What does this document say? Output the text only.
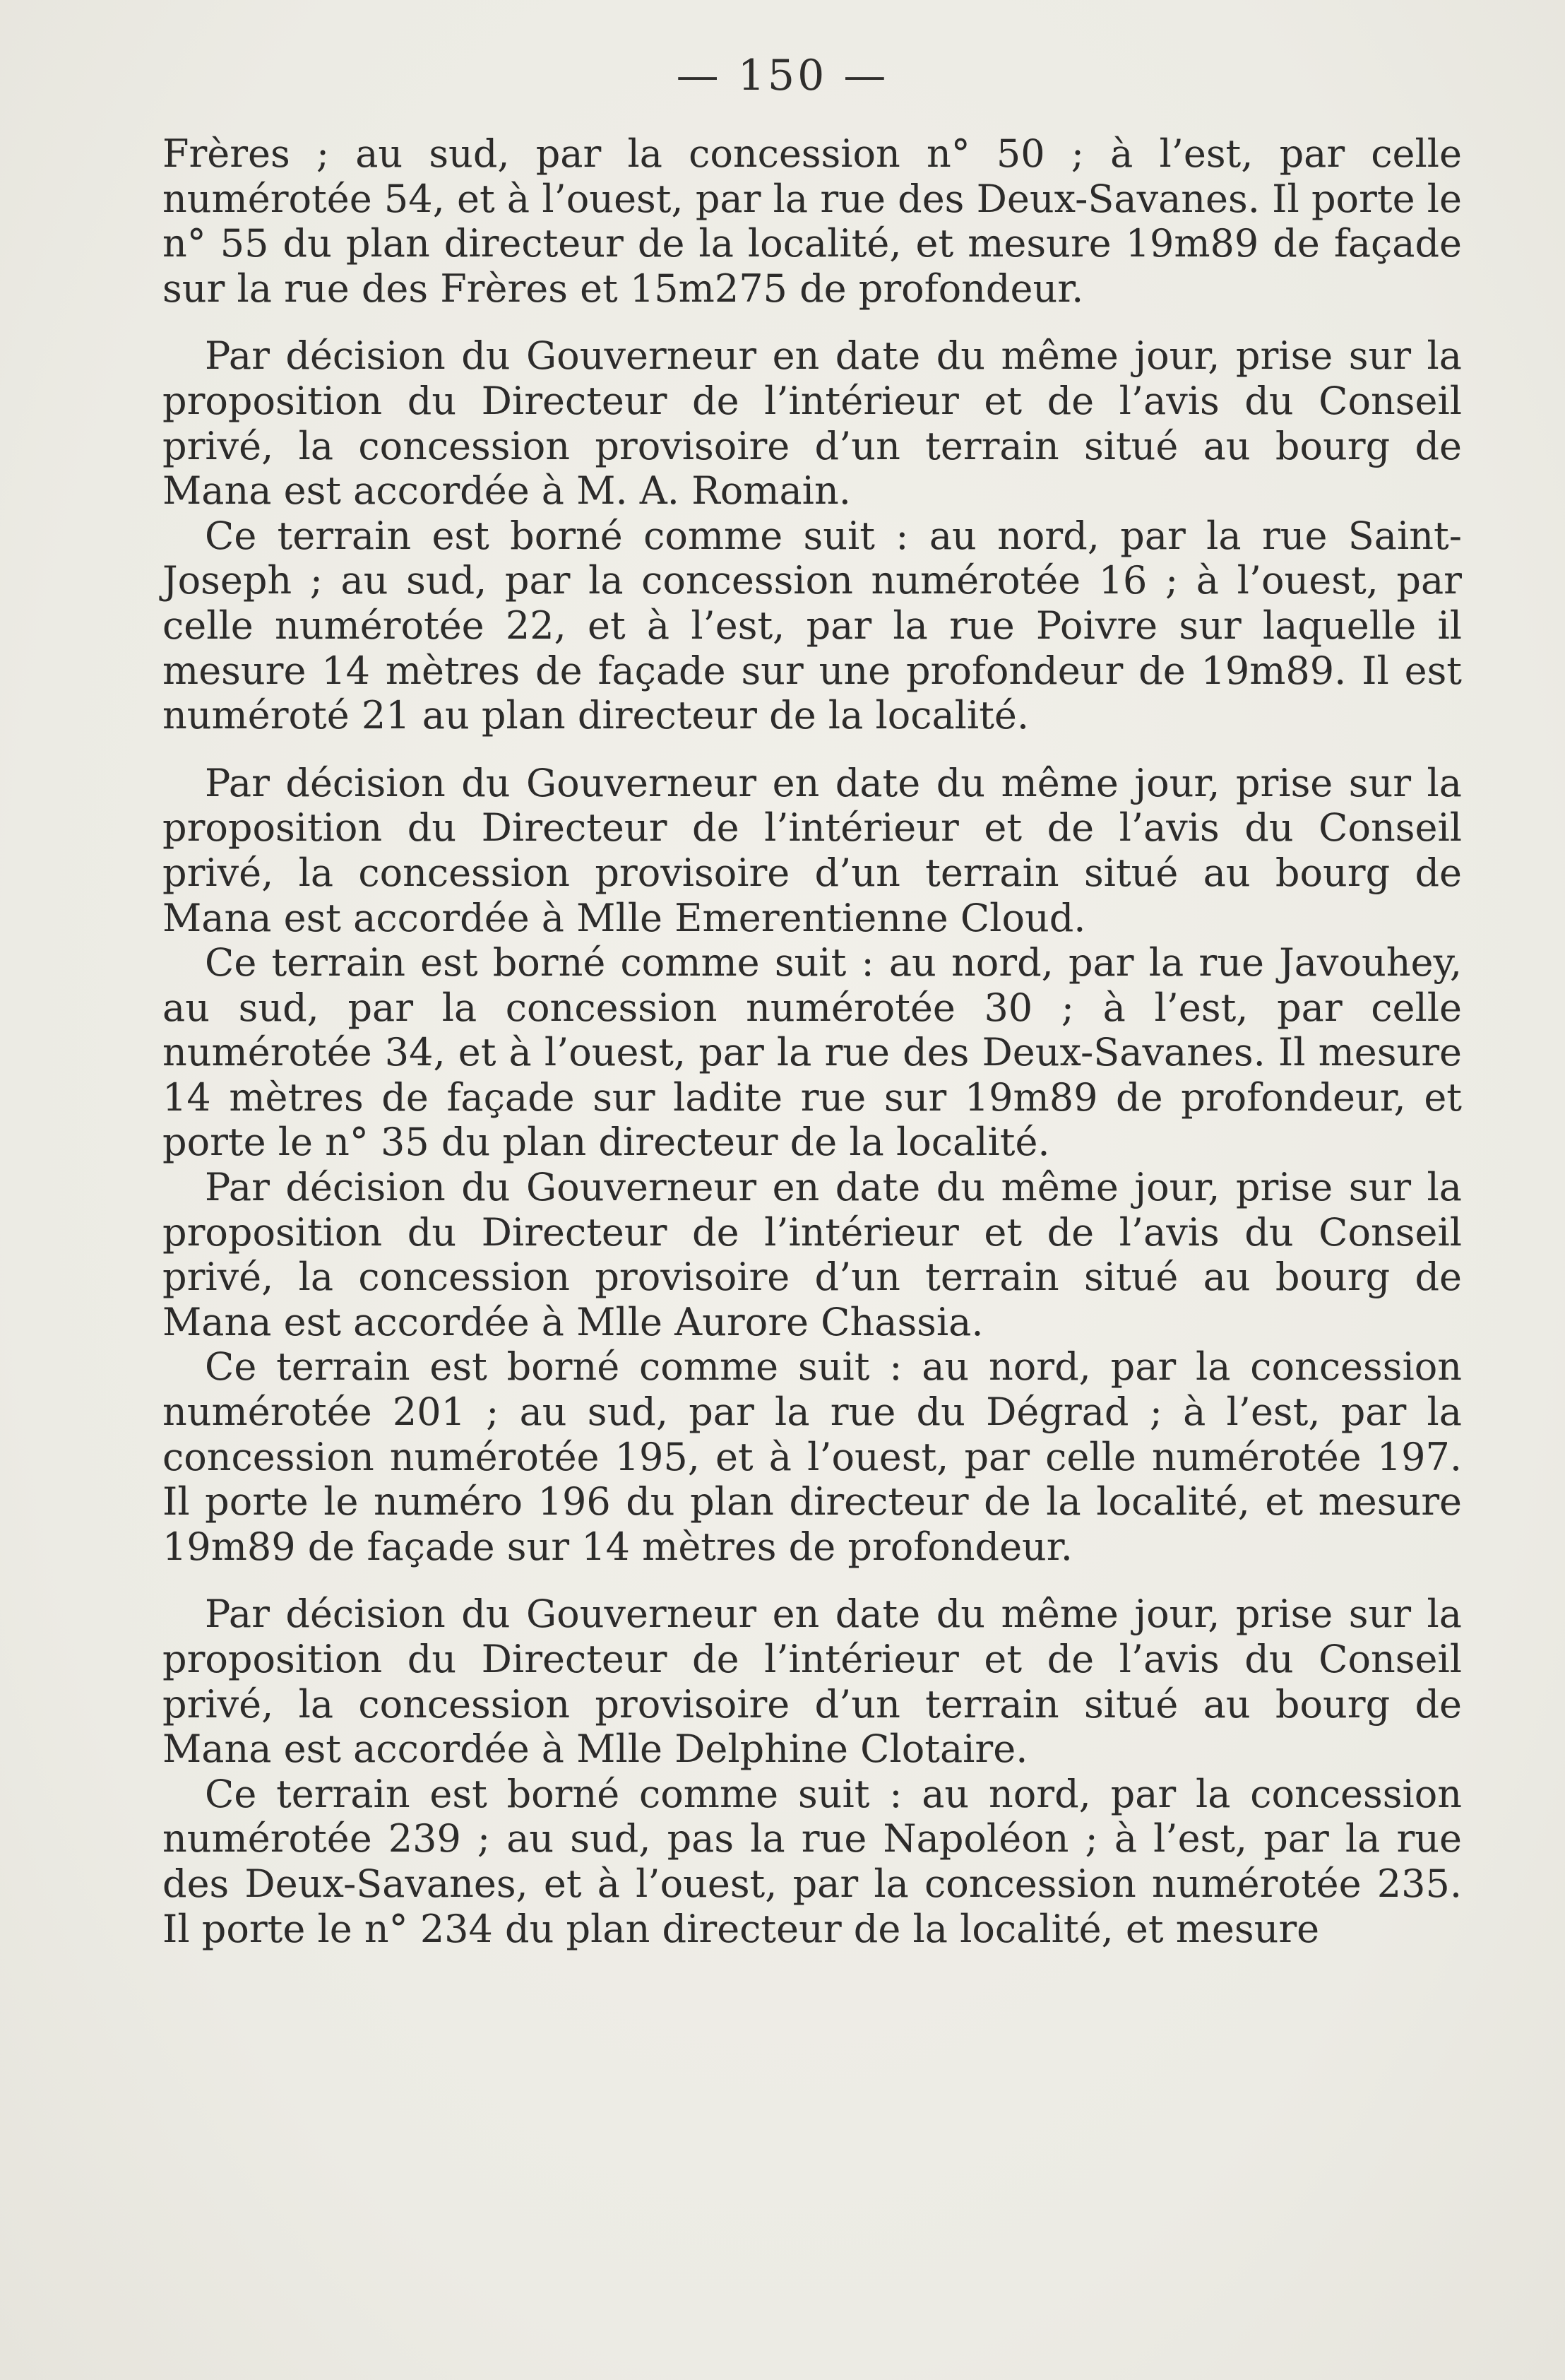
— 150 —

Frères ; au sud, par la concession n° 50 ; à l’est, par celle numérotée 54, et à l’ouest, par la rue des Deux-Savanes. Il porte le n° 55 du plan directeur de la localité, et mesure 19m89 de façade sur la rue des Frères et 15m275 de profondeur.

Par décision du Gouverneur en date du même jour, prise sur la proposition du Directeur de l’intérieur et de l’avis du Conseil privé, la concession provisoire d’un terrain situé au bourg de Mana est accordée à M. A. Romain.

Ce terrain est borné comme suit : au nord, par la rue Saint-Joseph ; au sud, par la concession numérotée 16 ; à l’ouest, par celle numérotée 22, et à l’est, par la rue Poivre sur laquelle il mesure 14 mètres de façade sur une profondeur de 19m89. Il est numéroté 21 au plan directeur de la localité.

Par décision du Gouverneur en date du même jour, prise sur la proposition du Directeur de l’intérieur et de l’avis du Conseil privé, la concession provisoire d’un terrain situé au bourg de Mana est accordée à Mlle Emerentienne Cloud.

Ce terrain est borné comme suit : au nord, par la rue Javouhey, au sud, par la concession numérotée 30 ; à l’est, par celle numérotée 34, et à l’ouest, par la rue des Deux-Savanes. Il mesure 14 mètres de façade sur ladite rue sur 19m89 de profondeur, et porte le n° 35 du plan directeur de la localité.

Par décision du Gouverneur en date du même jour, prise sur la proposition du Directeur de l’intérieur et de l’avis du Conseil privé, la concession provisoire d’un terrain situé au bourg de Mana est accordée à Mlle Aurore Chassia.

Ce terrain est borné comme suit : au nord, par la concession numérotée 201 ; au sud, par la rue du Dégrad ; à l’est, par la concession numérotée 195, et à l’ouest, par celle numérotée 197. Il porte le numéro 196 du plan directeur de la localité, et mesure 19m89 de façade sur 14 mètres de profondeur.

Par décision du Gouverneur en date du même jour, prise sur la proposition du Directeur de l’intérieur et de l’avis du Conseil privé, la concession provisoire d’un terrain situé au bourg de Mana est accordée à Mlle Delphine Clotaire.

Ce terrain est borné comme suit : au nord, par la concession numérotée 239 ; au sud, pas la rue Napoléon ; à l’est, par la rue des Deux-Savanes, et à l’ouest, par la concession numérotée 235. Il porte le n° 234 du plan directeur de la localité, et mesure
